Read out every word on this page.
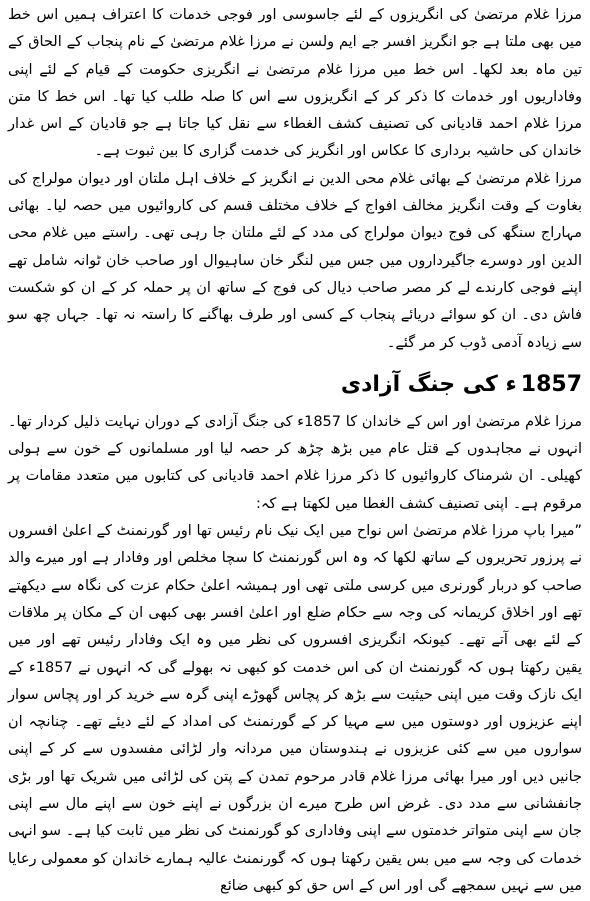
مرزا غلام مرتضیٰ کی انگریزوں کے لئے جاسوسی اور فوجی خدمات کا اعتراف ہمیں اس خط میں بھی ملتا ہے جو انگریز افسر جے ایم ولسن نے مرزا غلام مرتضیٰ کے نام پنجاب کے الحاق کے تین ماہ بعد لکھا۔ اس خط میں مرزا غلام مرتضیٰ نے انگریزی حکومت کے قیام کے لئے اپنی وفاداریوں اور خدمات کا ذکر کر کے انگریزوں سے اس کا صلہ طلب کیا تھا۔ اس خط کا متن مرزا غلام احمد قادیانی کی تصنیف کشف الغطاء سے نقل کیا جاتا ہے جو قادیان کے اس غدار خاندان کی حاشیہ برداری کا عکاس اور انگریز کی خدمت گزاری کا بین ثبوت ہے۔

مرزا غلام مرتضیٰ کے بھائی غلام محی الدین نے انگریز کے خلاف اہل ملتان اور دیوان مولراج کی بغاوت کے وقت انگریز مخالف افواج کے خلاف مختلف قسم کی کاروائیوں میں حصہ لیا۔ بھائی مہاراج سنگھ کی فوج دیوان مولراج کی مدد کے لئے ملتان جا رہی تھی۔ راستے میں غلام محی الدین اور دوسرے جاگیرداروں میں جس میں لنگر خان ساہیوال اور صاحب خان ٹوانہ شامل تھے اپنے فوجی کارندے لے کر مصر صاحب دیال کی فوج کے ساتھ ان پر حملہ کر کے ان کو شکست فاش دی۔ ان کو سوائے دریائے پنجاب کے کسی اور طرف بھاگنے کا راستہ نہ تھا۔ جہاں چھ سو سے زیادہ آدمی ڈوب کر مر گئے۔

1857
ء کی جنگ آزادی

مرزا غلام مرتضیٰ اور اس کے خاندان کا 1857ء کی جنگ آزادی کے دوران نہایت ذلیل کردار تھا۔ انہوں نے مجاہدوں کے قتل عام میں بڑھ چڑھ کر حصہ لیا اور مسلمانوں کے خون سے ہولی کھیلی۔ ان شرمناک کاروائیوں کا ذکر مرزا غلام احمد قادیانی کی کتابوں میں متعدد مقامات پر مرقوم ہے۔ اپنی تصنیف کشف الغطا میں لکھتا ہے کہ:

”میرا باپ مرزا غلام مرتضیٰ اس نواح میں ایک نیک نام رئیس تھا اور گورنمنٹ کے اعلیٰ افسروں نے پرزور تحریروں کے ساتھ لکھا کہ وہ اس گورنمنٹ کا سچا مخلص اور وفادار ہے اور میرے والد صاحب کو دربار گورنری میں کرسی ملتی تھی اور ہمیشہ اعلیٰ حکام عزت کی نگاہ سے دیکھتے تھے اور اخلاق کریمانہ کی وجہ سے حکام ضلع اور اعلیٰ افسر بھی کبھی ان کے مکان پر ملاقات کے لئے بھی آتے تھے۔ کیونکہ انگریزی افسروں کی نظر میں وہ ایک وفادار رئیس تھے اور میں یقین رکھتا ہوں کہ گورنمنٹ ان کی اس خدمت کو کبھی نہ بھولے گی کہ انہوں نے 1857ء کے ایک نازک وقت میں اپنی حیثیت سے بڑھ کر پچاس گھوڑے اپنی گرہ سے خرید کر اور پچاس سوار اپنے عزیزوں اور دوستوں میں سے مہیا کر کے گورنمنٹ کی امداد کے لئے دیئے تھے۔ چنانچہ ان سواروں میں سے کئی عزیزوں نے ہندوستان میں مردانہ وار لڑائی مفسدوں سے کر کے اپنی جانیں دیں اور میرا بھائی مرزا غلام قادر مرحوم تمدن کے پتن کی لڑائی میں شریک تھا اور بڑی جانفشانی سے مدد دی۔ غرض اس طرح میرے ان بزرگوں نے اپنے خون سے اپنے مال سے اپنی جان سے اپنی متواتر خدمتوں سے اپنی وفاداری کو گورنمنٹ کی نظر میں ثابت کیا ہے۔ سو انہی خدمات کی وجہ سے میں بس یقین رکھتا ہوں کہ گورنمنٹ عالیہ ہمارے خاندان کو معمولی رعایا میں سے نہیں سمجھے گی اور اس کے اس حق کو کبھی ضائع
